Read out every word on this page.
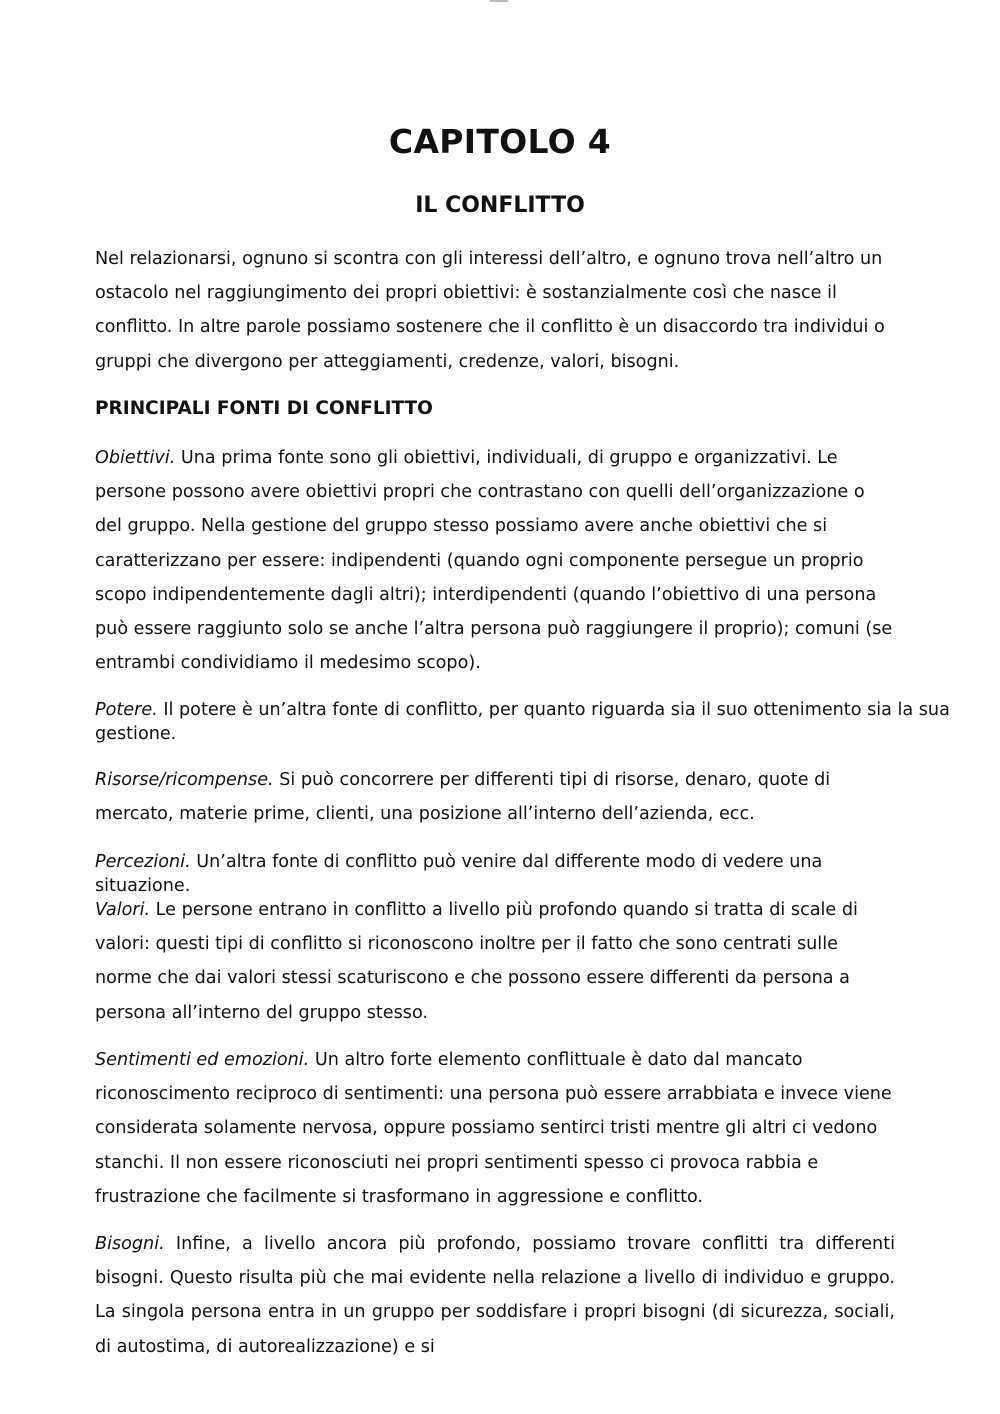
CAPITOLO 4
IL CONFLITTO

Nel relazionarsi, ognuno si scontra con gli interessi dell’altro, e ognuno trova nell’altro un ostacolo nel raggiungimento dei propri obiettivi: è sostanzialmente così che nasce il conflitto. In altre parole possiamo sostenere che il conflitto è un disaccordo tra individui o gruppi che divergono per atteggiamenti, credenze, valori, bisogni.

PRINCIPALI FONTI DI CONFLITTO

Obiettivi. Una prima fonte sono gli obiettivi, individuali, di gruppo e organizzativi. Le persone possono avere obiettivi propri che contrastano con quelli dell’organizzazione o del gruppo. Nella gestione del gruppo stesso possiamo avere anche obiettivi che si caratterizzano per essere: indipendenti (quando ogni componente persegue un proprio scopo indipendentemente dagli altri); interdipendenti (quando l’obiettivo di una persona può essere raggiunto solo se anche l’altra persona può raggiungere il proprio); comuni (se entrambi condividiamo il medesimo scopo).

Potere. Il potere è un’altra fonte di conflitto, per quanto riguarda sia il suo ottenimento sia la sua gestione.

Risorse/ricompense. Si può concorrere per differenti tipi di risorse, denaro, quote di mercato, materie prime, clienti, una posizione all’interno dell’azienda, ecc.

Percezioni. Un’altra fonte di conflitto può venire dal differente modo di vedere una situazione.

Valori. Le persone entrano in conflitto a livello più profondo quando si tratta di scale di valori: questi tipi di conflitto si riconoscono inoltre per il fatto che sono centrati sulle norme che dai valori stessi scaturiscono e che possono essere differenti da persona a persona all’interno del gruppo stesso.

Sentimenti ed emozioni. Un altro forte elemento conflittuale è dato dal mancato riconoscimento reciproco di sentimenti: una persona può essere arrabbiata e invece viene considerata solamente nervosa, oppure possiamo sentirci tristi mentre gli altri ci vedono stanchi. Il non essere riconosciuti nei propri sentimenti spesso ci provoca rabbia e frustrazione che facilmente si trasformano in aggressione e conflitto.

Bisogni. Infine, a livello ancora più profondo, possiamo trovare conflitti tra differenti bisogni. Questo risulta più che mai evidente nella relazione a livello di individuo e gruppo. La singola persona entra in un gruppo per soddisfare i propri bisogni (di sicurezza, sociali, di autostima, di autorealizzazione) e si
